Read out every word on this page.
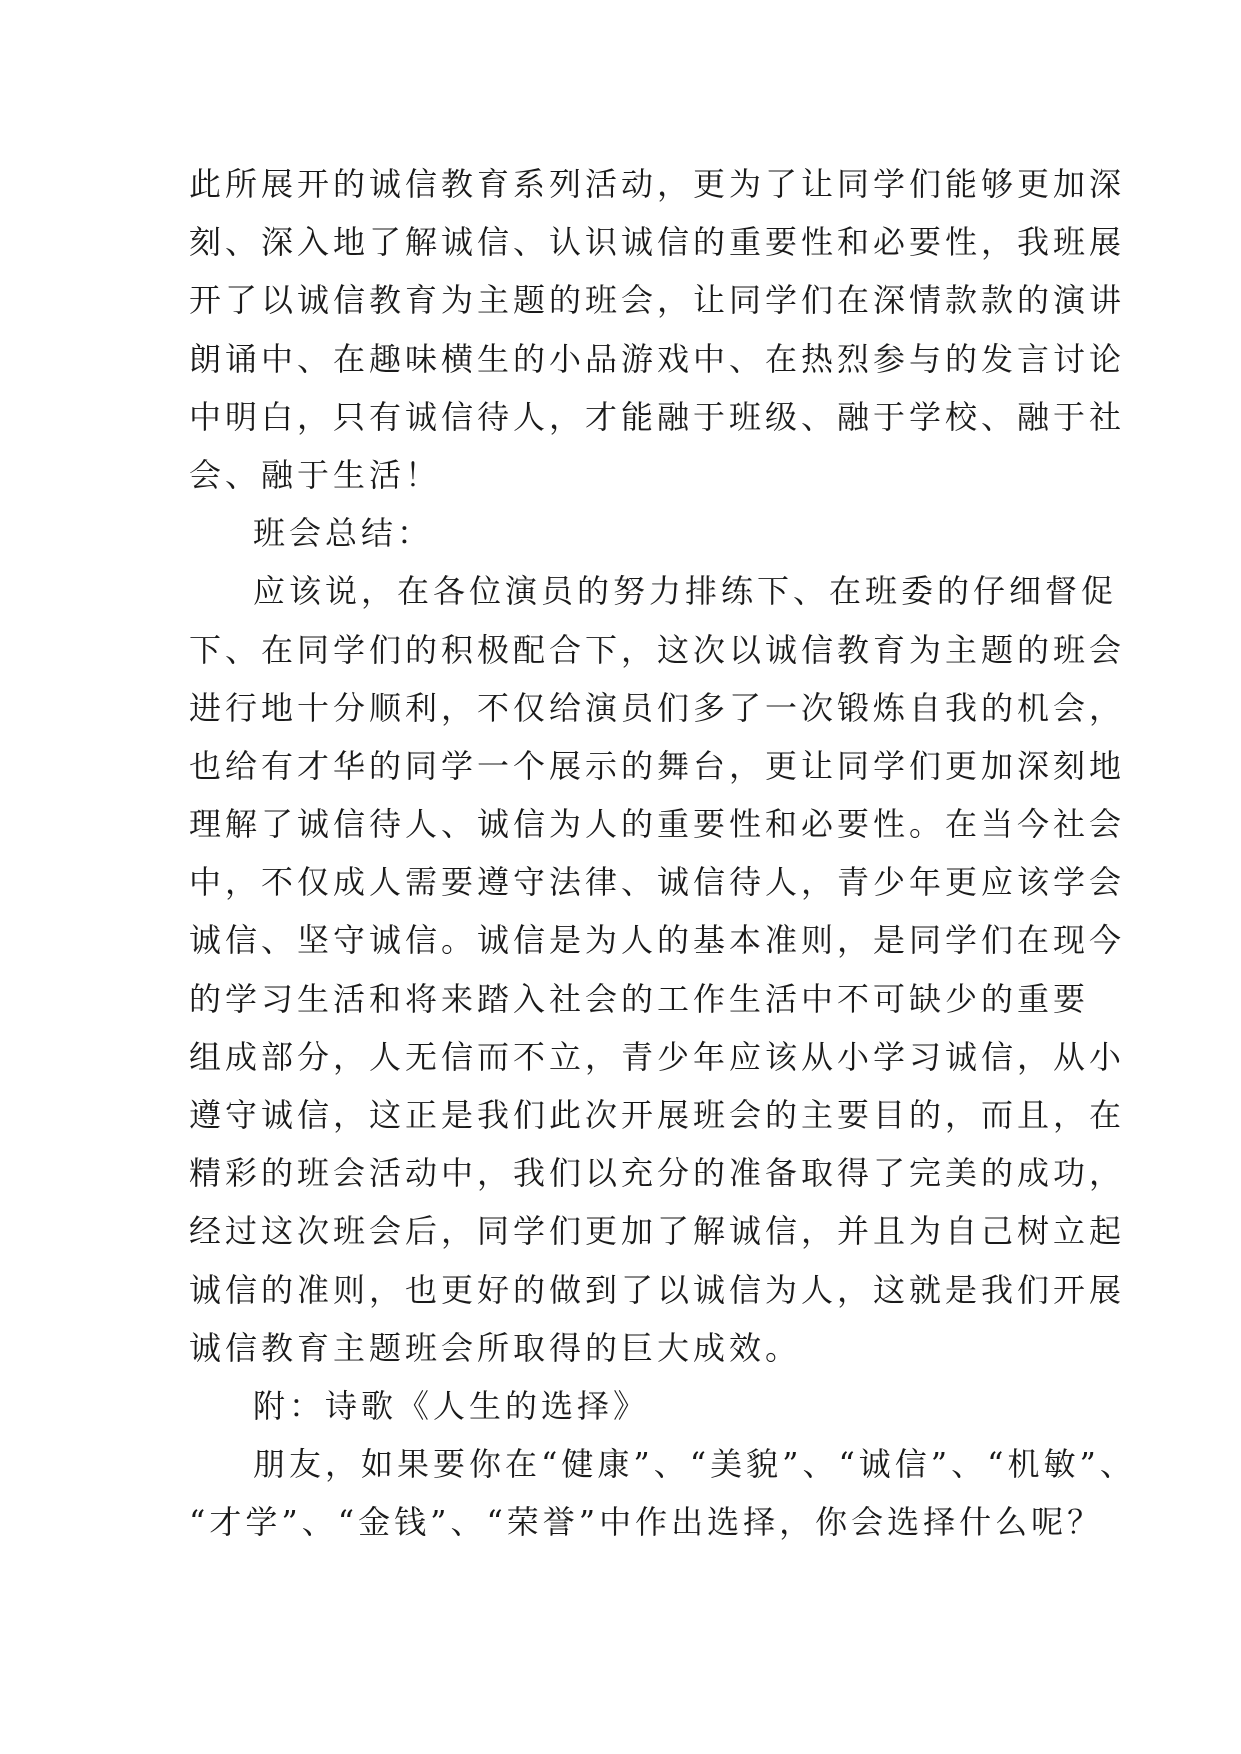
此所展开的诚信教育系列活动，更为了让同学们能够更加深
刻、深入地了解诚信、认识诚信的重要性和必要性，我班展
开了以诚信教育为主题的班会，让同学们在深情款款的演讲
朗诵中、在趣味横生的小品游戏中、在热烈参与的发言讨论
中明白，只有诚信待人，才能融于班级、融于学校、融于社
会、融于生活！
班会总结：
应该说，在各位演员的努力排练下、在班委的仔细督促
下、在同学们的积极配合下，这次以诚信教育为主题的班会
进行地十分顺利，不仅给演员们多了一次锻炼自我的机会，
也给有才华的同学一个展示的舞台，更让同学们更加深刻地
理解了诚信待人、诚信为人的重要性和必要性。在当今社会
中，不仅成人需要遵守法律、诚信待人，青少年更应该学会
诚信、坚守诚信。诚信是为人的基本准则，是同学们在现今
的学习生活和将来踏入社会的工作生活中不可缺少的重要
组成部分，人无信而不立，青少年应该从小学习诚信，从小
遵守诚信，这正是我们此次开展班会的主要目的，而且，在
精彩的班会活动中，我们以充分的准备取得了完美的成功，
经过这次班会后，同学们更加了解诚信，并且为自己树立起
诚信的准则，也更好的做到了以诚信为人，这就是我们开展
诚信教育主题班会所取得的巨大成效。
附：诗歌《人生的选择》
朋友，如果要你在“健康”、“美貌”、“诚信”、“机敏”、
“才学”、“金钱”、“荣誉”中作出选择，你会选择什么呢？
